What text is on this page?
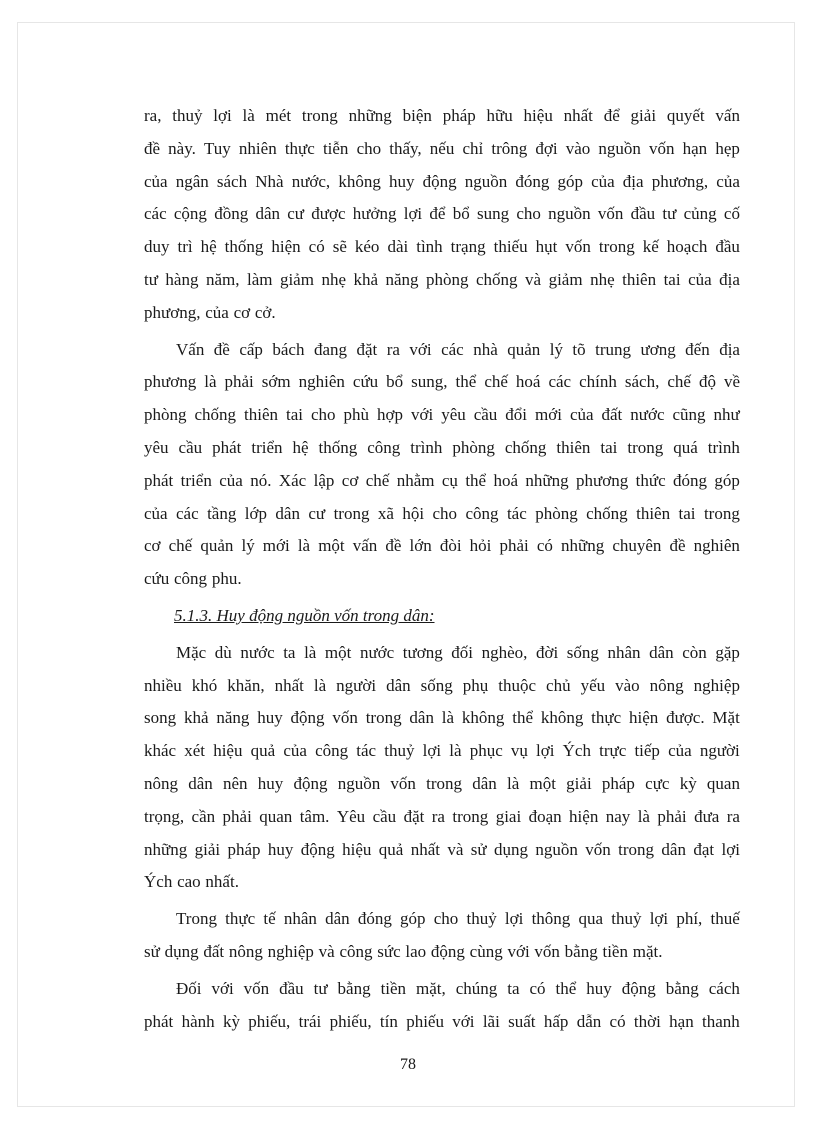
ra, thuỷ lợi là mét trong những biện pháp hữu hiệu nhất để giải quyết vấn
đề này. Tuy nhiên thực tiễn cho thấy, nếu chỉ trông đợi vào nguồn vốn hạn hẹp
của ngân sách Nhà nước, không huy động nguồn đóng góp của địa phương, của
các cộng đồng dân cư được hưởng lợi để bổ sung cho nguồn vốn đầu tư củng cố
duy trì hệ thống hiện có sẽ kéo dài tình trạng thiếu hụt vốn trong kế hoạch đầu
tư hàng năm, làm giảm nhẹ khả năng phòng chống và giảm nhẹ thiên tai của địa
phương, của cơ cở.
Vấn đề cấp bách đang đặt ra với các nhà quản lý tõ trung ương đến địa
phương là phải sớm nghiên cứu bổ sung, thể chế hoá các chính sách, chế độ về
phòng chống thiên tai cho phù hợp với yêu cầu đổi mới của đất nước cũng như
yêu cầu phát triển hệ thống công trình phòng chống thiên tai trong quá trình
phát triển của nó. Xác lập cơ chế nhằm cụ thể hoá những phương thức đóng góp
của các tầng lớp dân cư trong xã hội cho công tác phòng chống thiên tai trong
cơ chế quản lý mới là một vấn đề lớn đòi hỏi phải có những chuyên đề nghiên
cứu công phu.
5.1.3. Huy động nguồn vốn trong dân:
Mặc dù nước ta là một nước tương đối nghèo, đời sống nhân dân còn gặp
nhiều khó khăn, nhất là người dân sống phụ thuộc chủ yếu vào nông nghiệp
song khả năng huy động vốn trong dân là không thể không thực hiện được. Mặt
khác xét hiệu quả của công tác thuỷ lợi là phục vụ lợi Ých trực tiếp của người
nông dân nên huy động nguồn vốn trong dân là một giải pháp cực kỳ quan
trọng, cần phải quan tâm. Yêu cầu đặt ra trong giai đoạn hiện nay là phải đưa ra
những giải pháp huy động hiệu quả nhất và sử dụng nguồn vốn trong dân đạt lợi
Ých cao nhất.
Trong thực tế nhân dân đóng góp cho thuỷ lợi thông qua thuỷ lợi phí, thuế
sử dụng đất nông nghiệp và công sức lao động cùng với vốn bằng tiền mặt.
Đối với vốn đầu tư bằng tiền mặt, chúng ta có thể huy động bằng cách
phát hành kỳ phiếu, trái phiếu, tín phiếu với lãi suất hấp dẫn có thời hạn thanh
78
